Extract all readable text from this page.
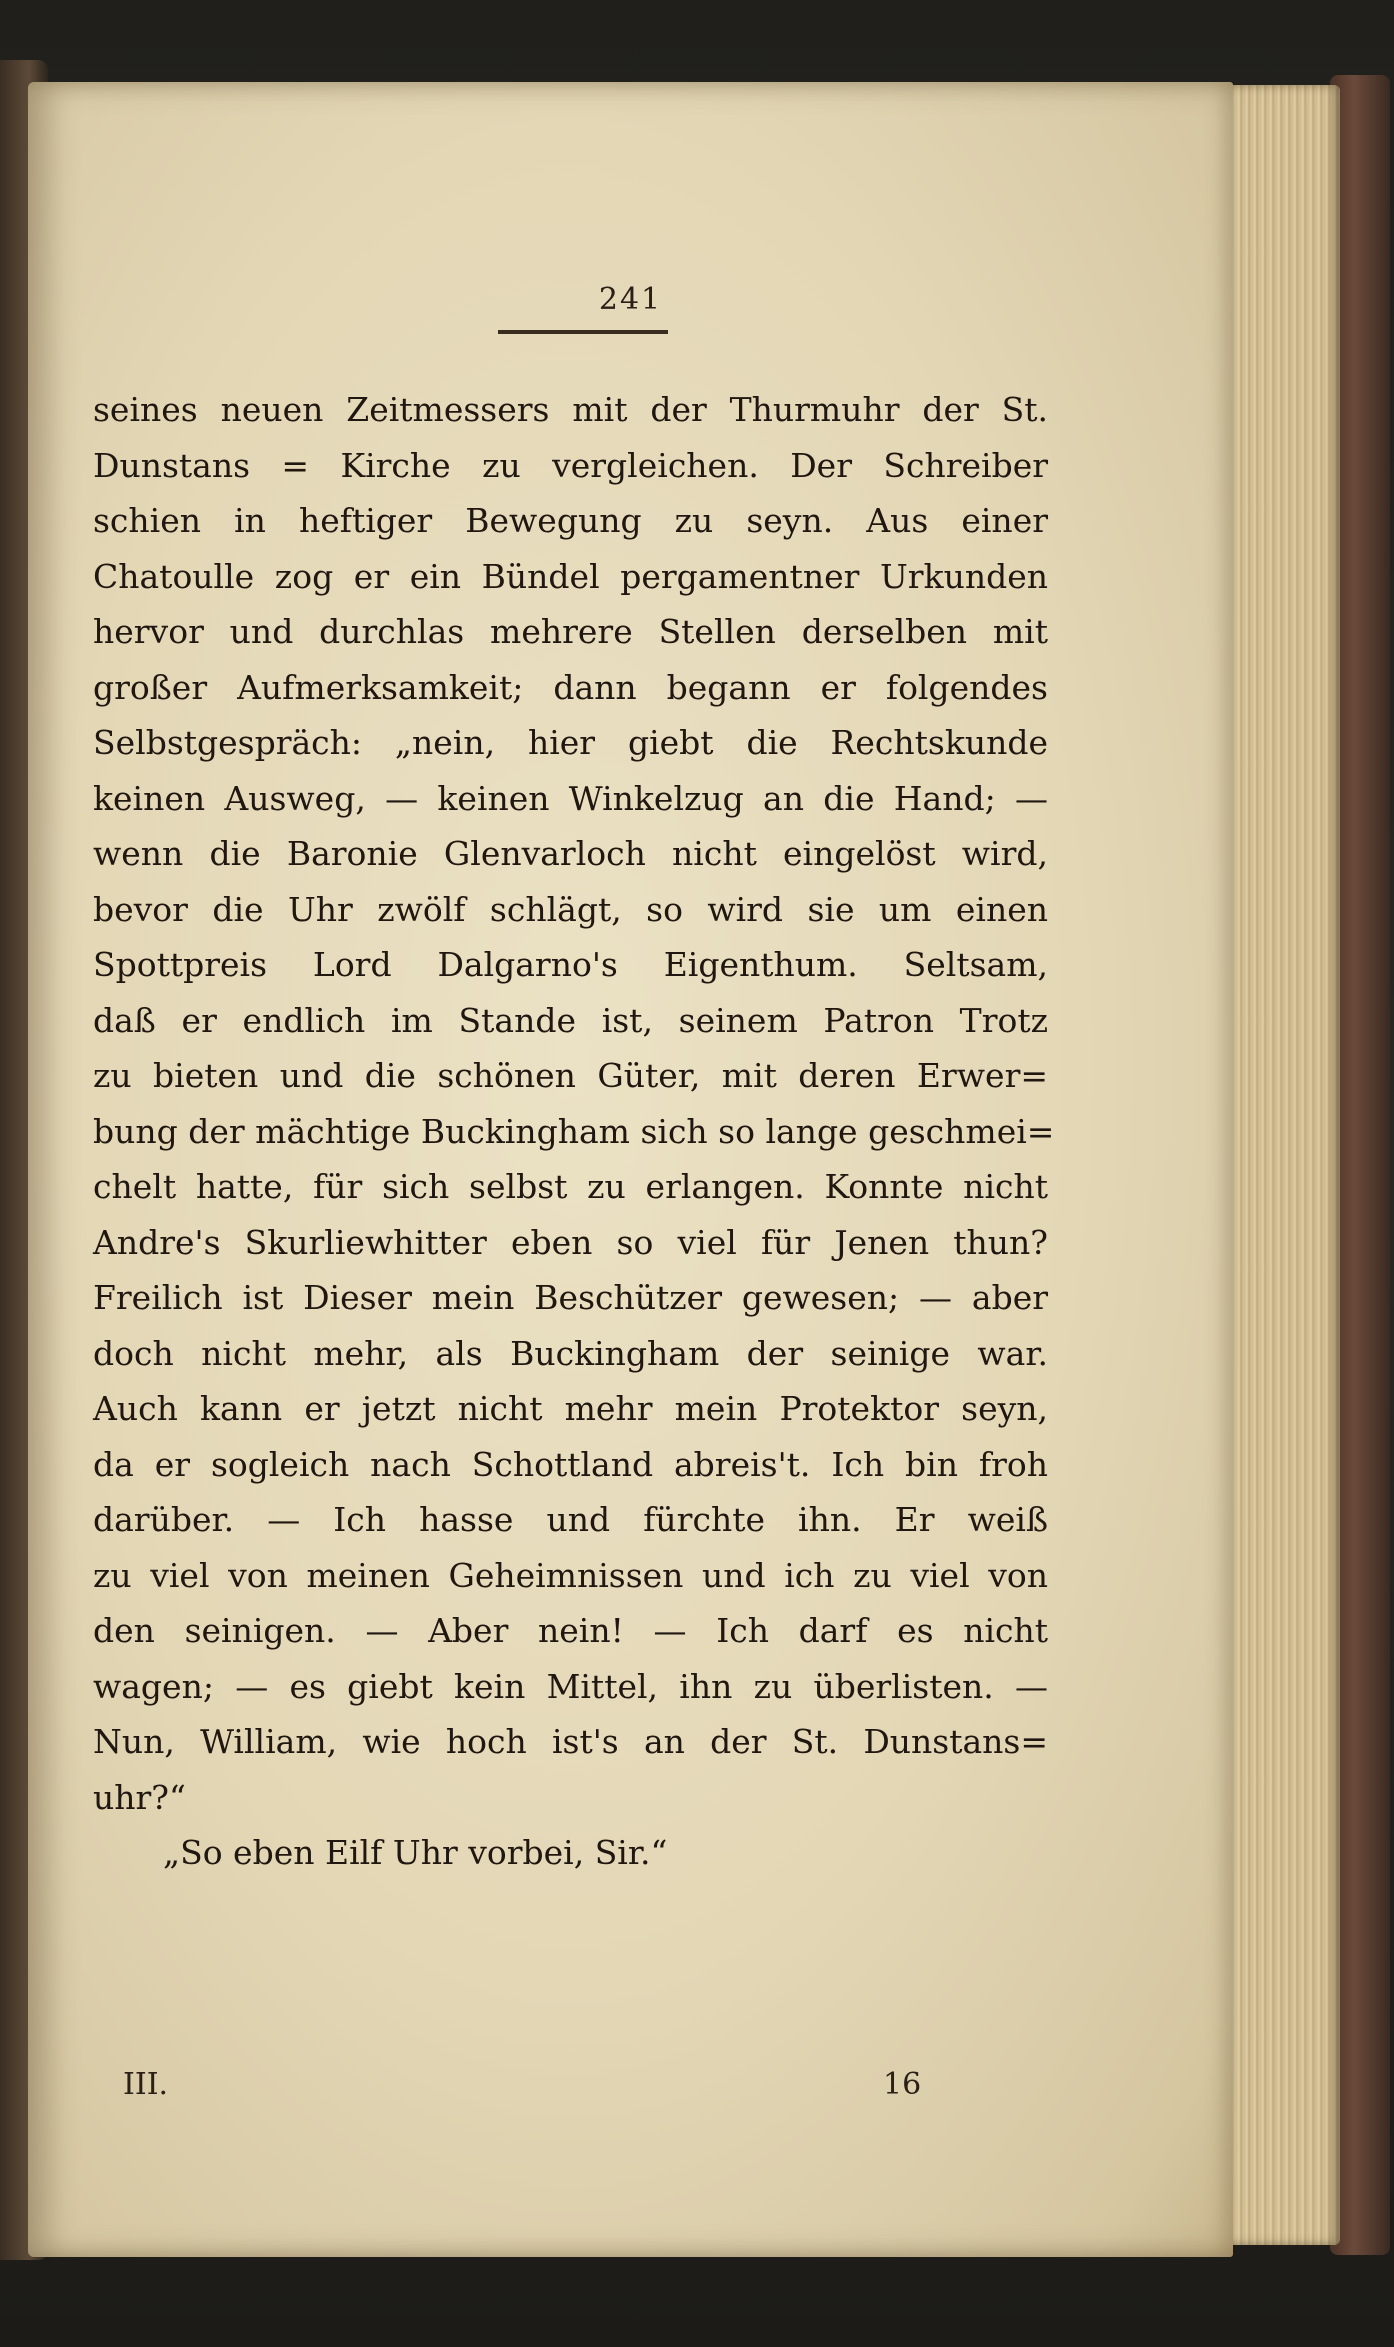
241
seines neuen Zeitmessers mit der Thurmuhr der St.
Dunstans = Kirche zu vergleichen. Der Schreiber
schien in heftiger Bewegung zu seyn. Aus einer
Chatoulle zog er ein Bündel pergamentner Urkunden
hervor und durchlas mehrere Stellen derselben mit
großer Aufmerksamkeit; dann begann er folgendes
Selbstgespräch: „nein, hier giebt die Rechtskunde
keinen Ausweg, — keinen Winkelzug an die Hand; —
wenn die Baronie Glenvarloch nicht eingelöst wird,
bevor die Uhr zwölf schlägt, so wird sie um einen
Spottpreis Lord Dalgarno's Eigenthum. Seltsam,
daß er endlich im Stande ist, seinem Patron Trotz
zu bieten und die schönen Güter, mit deren Erwer=
bung der mächtige Buckingham sich so lange geschmei=
chelt hatte, für sich selbst zu erlangen. Konnte nicht
Andre's Skurliewhitter eben so viel für Jenen thun?
Freilich ist Dieser mein Beschützer gewesen; — aber
doch nicht mehr, als Buckingham der seinige war.
Auch kann er jetzt nicht mehr mein Protektor seyn,
da er sogleich nach Schottland abreis't. Ich bin froh
darüber. — Ich hasse und fürchte ihn. Er weiß
zu viel von meinen Geheimnissen und ich zu viel von
den seinigen. — Aber nein! — Ich darf es nicht
wagen; — es giebt kein Mittel, ihn zu überlisten. —
Nun, William, wie hoch ist's an der St. Dunstans=
uhr?“
„So eben Eilf Uhr vorbei, Sir.“
III.	16
